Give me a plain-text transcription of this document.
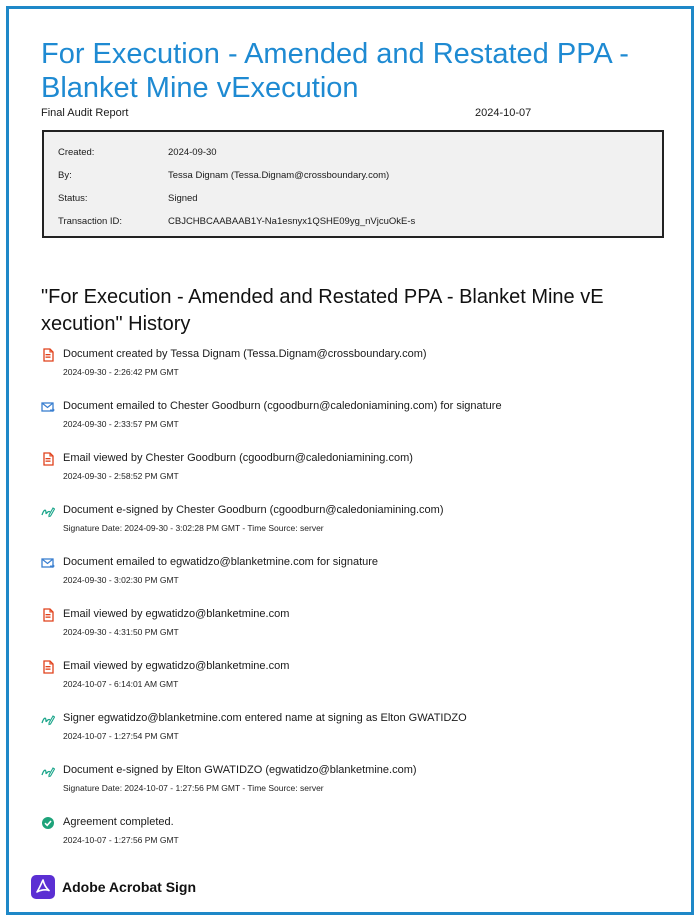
For Execution - Amended and Restated PPA - Blanket Mine vExecution
Final Audit Report	2024-10-07
Created:	2024-09-30
By:	Tessa Dignam (Tessa.Dignam@crossboundary.com)
Status:	Signed
Transaction ID:	CBJCHBCAABAAB1Y-Na1esnyx1QSHE09yg_nVjcuOkE-s
"For Execution - Amended and Restated PPA - Blanket Mine vE xecution" History
Document created by Tessa Dignam (Tessa.Dignam@crossboundary.com)
2024-09-30 - 2:26:42 PM GMT
Document emailed to Chester Goodburn (cgoodburn@caledoniamining.com) for signature
2024-09-30 - 2:33:57 PM GMT
Email viewed by Chester Goodburn (cgoodburn@caledoniamining.com)
2024-09-30 - 2:58:52 PM GMT
Document e-signed by Chester Goodburn (cgoodburn@caledoniamining.com)
Signature Date: 2024-09-30 - 3:02:28 PM GMT - Time Source: server
Document emailed to egwatidzo@blanketmine.com for signature
2024-09-30 - 3:02:30 PM GMT
Email viewed by egwatidzo@blanketmine.com
2024-09-30 - 4:31:50 PM GMT
Email viewed by egwatidzo@blanketmine.com
2024-10-07 - 6:14:01 AM GMT
Signer egwatidzo@blanketmine.com entered name at signing as Elton GWATIDZO
2024-10-07 - 1:27:54 PM GMT
Document e-signed by Elton GWATIDZO (egwatidzo@blanketmine.com)
Signature Date: 2024-10-07 - 1:27:56 PM GMT - Time Source: server
Agreement completed.
2024-10-07 - 1:27:56 PM GMT
Adobe Acrobat Sign
